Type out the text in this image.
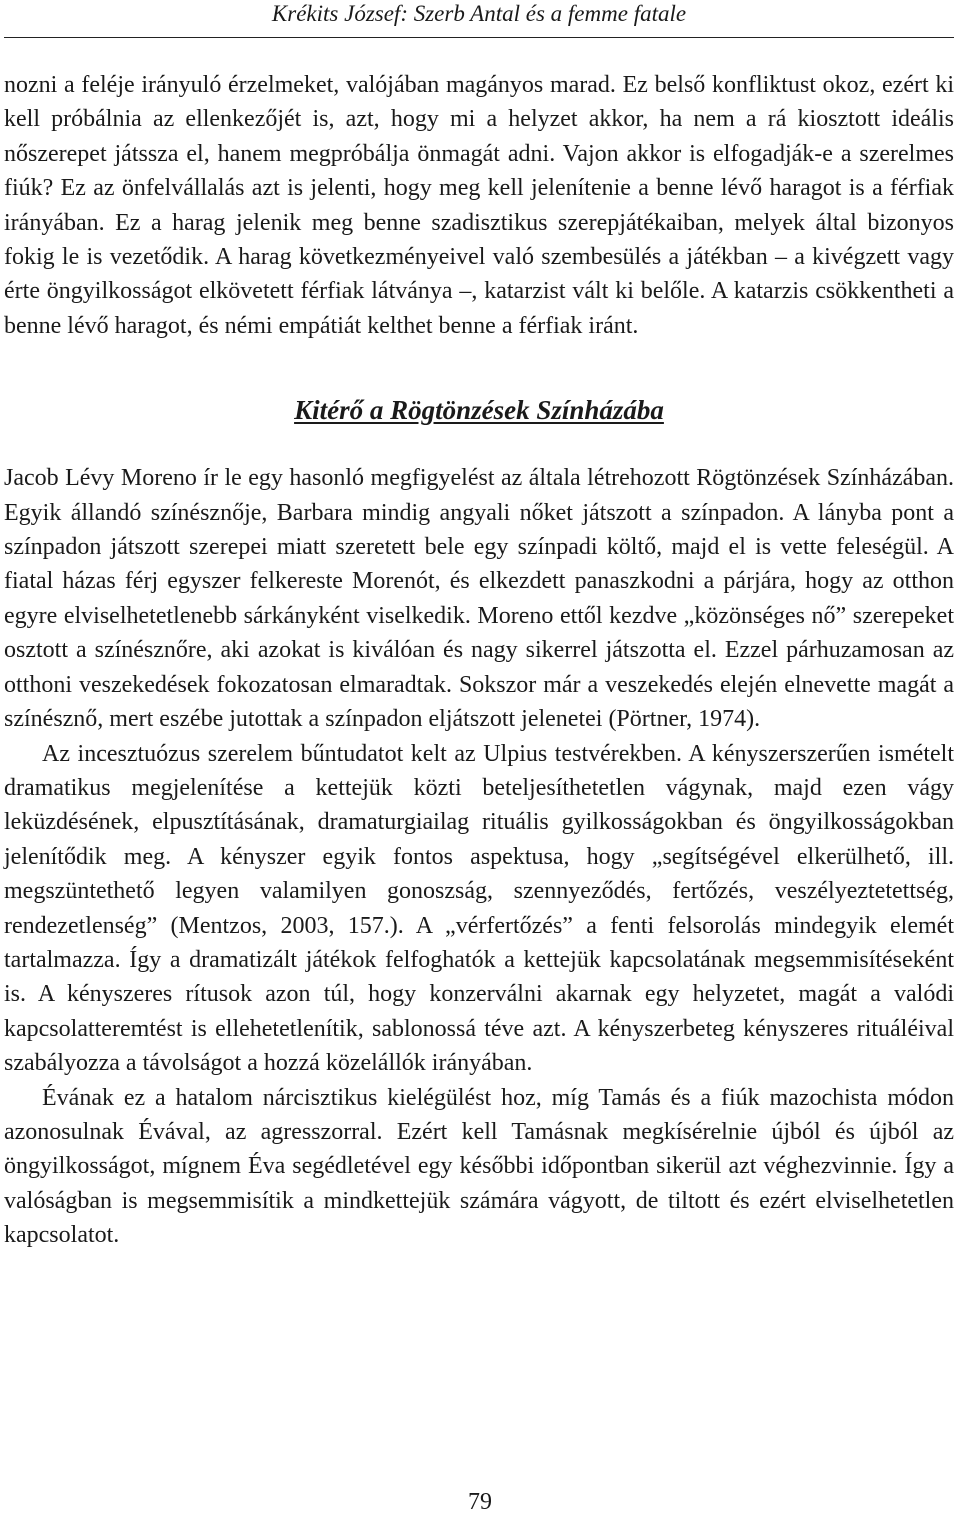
Krékits József: Szerb Antal és a femme fatale

nozni a feléje irányuló érzelmeket, valójában magányos marad. Ez belső konfliktust okoz, ezért ki kell próbálnia az ellenkezőjét is, azt, hogy mi a helyzet akkor, ha nem a rá kiosztott ideális nőszerepet játssza el, hanem megpróbálja önmagát adni. Vajon akkor is elfogadják-e a szerelmes fiúk? Ez az önfelvállalás azt is jelenti, hogy meg kell jelenítenie a benne lévő haragot is a férfiak irányában. Ez a harag jelenik meg benne szadisztikus szerepjátékaiban, melyek által bizonyos fokig le is vezetődik. A harag következményeivel való szembesülés a játékban – a kivégzett vagy érte öngyilkosságot elkövetett férfiak látványa –, katarzist vált ki belőle. A katarzis csökkentheti a benne lévő haragot, és némi empátiát kelthet benne a férfiak iránt.

Kitérő a Rögtönzések Színházába

Jacob Lévy Moreno ír le egy hasonló megfigyelést az általa létrehozott Rögtönzések Színházában. Egyik állandó színésznője, Barbara mindig angyali nőket játszott a színpadon. A lányba pont a színpadon játszott szerepei miatt szeretett bele egy színpadi költő, majd el is vette feleségül. A fiatal házas férj egyszer felkereste Morenót, és elkezdett panaszkodni a párjára, hogy az otthon egyre elviselhetetlenebb sárkányként viselkedik. Moreno ettől kezdve „közönséges nő” szerepeket osztott a színésznőre, aki azokat is kiválóan és nagy sikerrel játszotta el. Ezzel párhuzamosan az otthoni veszekedések fokozatosan elmaradtak. Sokszor már a veszekedés elején elnevette magát a színésznő, mert eszébe jutottak a színpadon eljátszott jelenetei (Pörtner, 1974).

Az incesztuózus szerelem bűntudatot kelt az Ulpius testvérekben. A kényszerszerűen ismételt dramatikus megjelenítése a kettejük közti beteljesíthetetlen vágynak, majd ezen vágy leküzdésének, elpusztításának, dramaturgiailag rituális gyilkosságokban és öngyilkosságokban jelenítődik meg. A kényszer egyik fontos aspektusa, hogy „segítségével elkerülhető, ill. megszüntethető legyen valamilyen gonoszság, szennyeződés, fertőzés, veszélyeztetettség, rendezetlenség” (Mentzos, 2003, 157.). A „vérfertőzés” a fenti felsorolás mindegyik elemét tartalmazza. Így a dramatizált játékok felfoghatók a kettejük kapcsolatának megsemmisítéseként is. A kényszeres rítusok azon túl, hogy konzerválni akarnak egy helyzetet, magát a valódi kapcsolatteremtést is ellehetetlenítik, sablonossá téve azt. A kényszerbeteg kényszeres rituáléival szabályozza a távolságot a hozzá közelállók irányában.

Évának ez a hatalom nárcisztikus kielégülést hoz, míg Tamás és a fiúk mazochista módon azonosulnak Évával, az agresszorral. Ezért kell Tamásnak megkísérelnie újból és újból az öngyilkosságot, mígnem Éva segédletével egy későbbi időpontban sikerül azt véghezvinnie. Így a valóságban is megsemmisítik a mindkettejük számára vágyott, de tiltott és ezért elviselhetetlen kapcsolatot.

79
